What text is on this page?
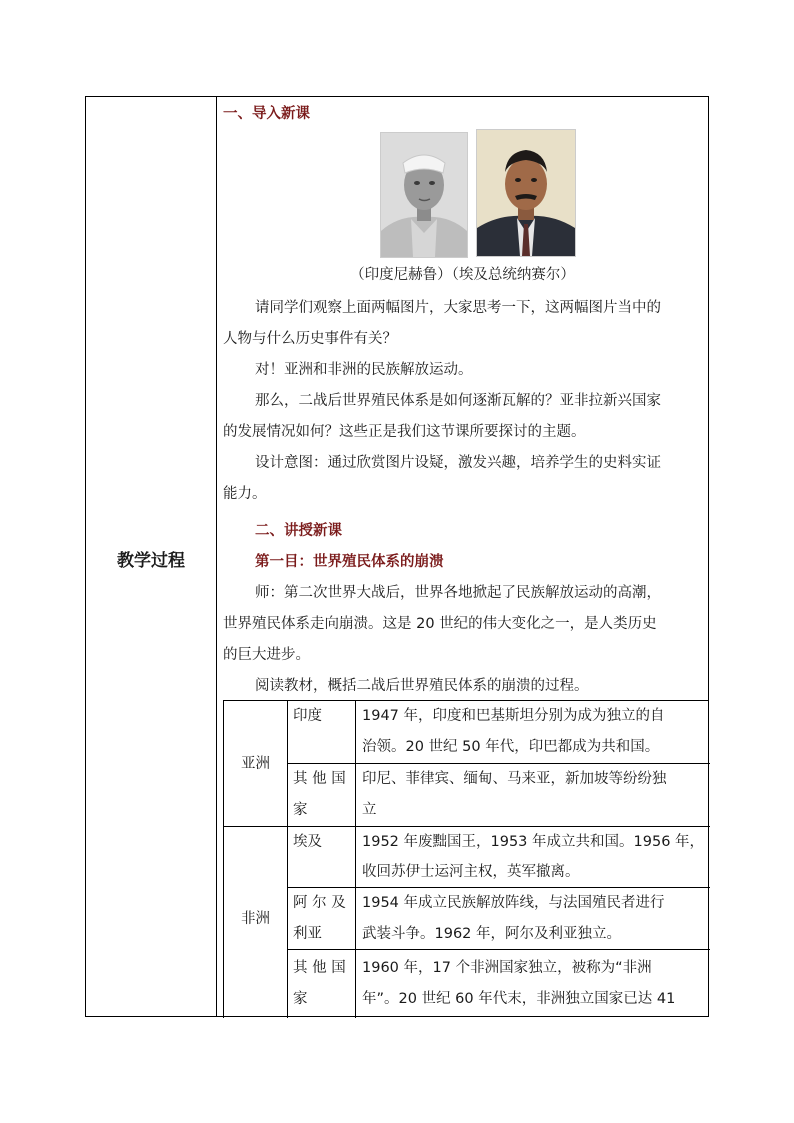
教学过程
一、导入新课
（印度尼赫鲁）（埃及总统纳赛尔）
请同学们观察上面两幅图片，大家思考一下，这两幅图片当中的
人物与什么历史事件有关？
对！亚洲和非洲的民族解放运动。
那么，二战后世界殖民体系是如何逐渐瓦解的？亚非拉新兴国家
的发展情况如何？这些正是我们这节课所要探讨的主题。
设计意图：通过欣赏图片设疑，激发兴趣，培养学生的史料实证
能力。
二、讲授新课
第一目：世界殖民体系的崩溃
师：第二次世界大战后，世界各地掀起了民族解放运动的高潮，
世界殖民体系走向崩溃。这是 20 世纪的伟大变化之一，是人类历史
的巨大进步。
阅读教材，概括二战后世界殖民体系的崩溃的过程。
亚洲
非洲
印度	1947 年，印度和巴基斯坦分别为成为独立的自
治领。20 世纪 50 年代，印巴都成为共和国。
其 他 国
家
印尼、菲律宾、缅甸、马来亚，新加坡等纷纷独
立
埃及	1952 年废黜国王，1953 年成立共和国。1956 年，
收回苏伊士运河主权，英军撤离。
阿 尔 及
利亚
1954 年成立民族解放阵线，与法国殖民者进行
武装斗争。1962 年，阿尔及利亚独立。
其 他 国
家
1960 年，17 个非洲国家独立，被称为“非洲
年”。20 世纪 60 年代末，非洲独立国家已达 41
